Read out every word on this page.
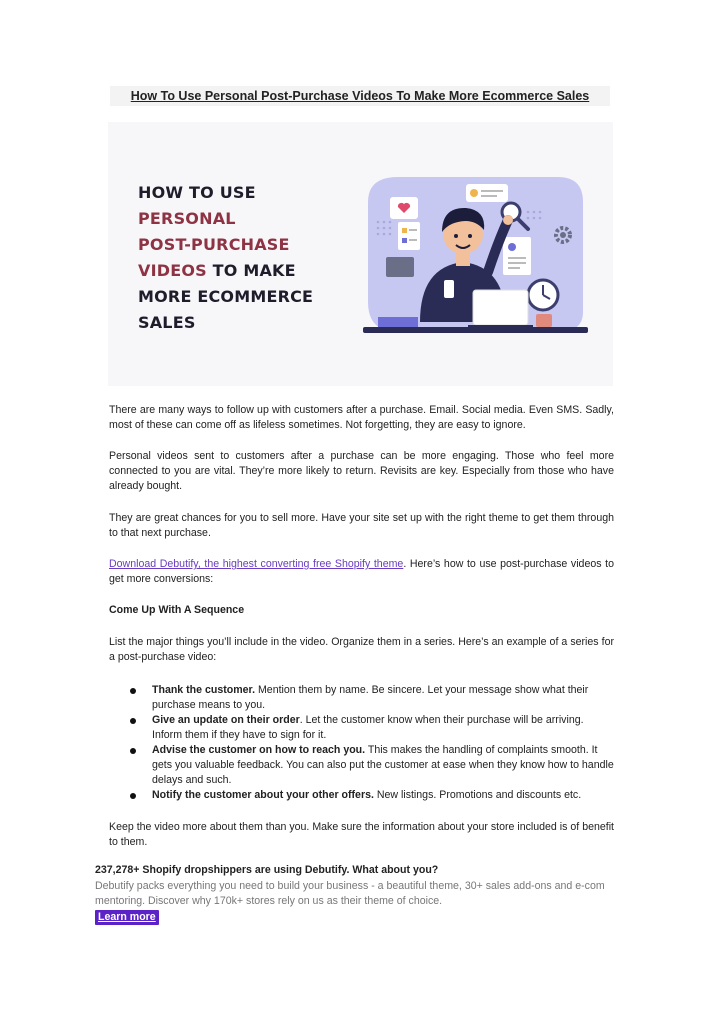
How To Use Personal Post-Purchase Videos To Make More Ecommerce Sales
HOW TO USE
PERSONAL
POST-PURCHASE
VIDEOS TO MAKE
MORE ECOMMERCE
SALES

There are many ways to follow up with customers after a purchase. Email. Social media. Even SMS. Sadly, most of these can come off as lifeless sometimes. Not forgetting, they are easy to ignore.

Personal videos sent to customers after a purchase can be more engaging. Those who feel more connected to you are vital. They’re more likely to return. Revisits are key. Especially from those who have already bought.

They are great chances for you to sell more. Have your site set up with the right theme to get them through to that next purchase.

Download Debutify, the highest converting free Shopify theme. Here’s how to use post-purchase videos to get more conversions:

Come Up With A Sequence

List the major things you’ll include in the video. Organize them in a series. Here’s an example of a series for a post-purchase video:

Thank the customer. Mention them by name. Be sincere. Let your message show what their purchase means to you.
Give an update on their order. Let the customer know when their purchase will be arriving. Inform them if they have to sign for it.
Advise the customer on how to reach you. This makes the handling of complaints smooth. It gets you valuable feedback. You can also put the customer at ease when they know how to handle delays and such.
Notify the customer about your other offers. New listings. Promotions and discounts etc.

Keep the video more about them than you. Make sure the information about your store included is of benefit to them.

237,278+ Shopify dropshippers are using Debutify. What about you?
Debutify packs everything you need to build your business - a beautiful theme, 30+ sales add-ons and e-com mentoring. Discover why 170k+ stores rely on us as their theme of choice.
Learn more
